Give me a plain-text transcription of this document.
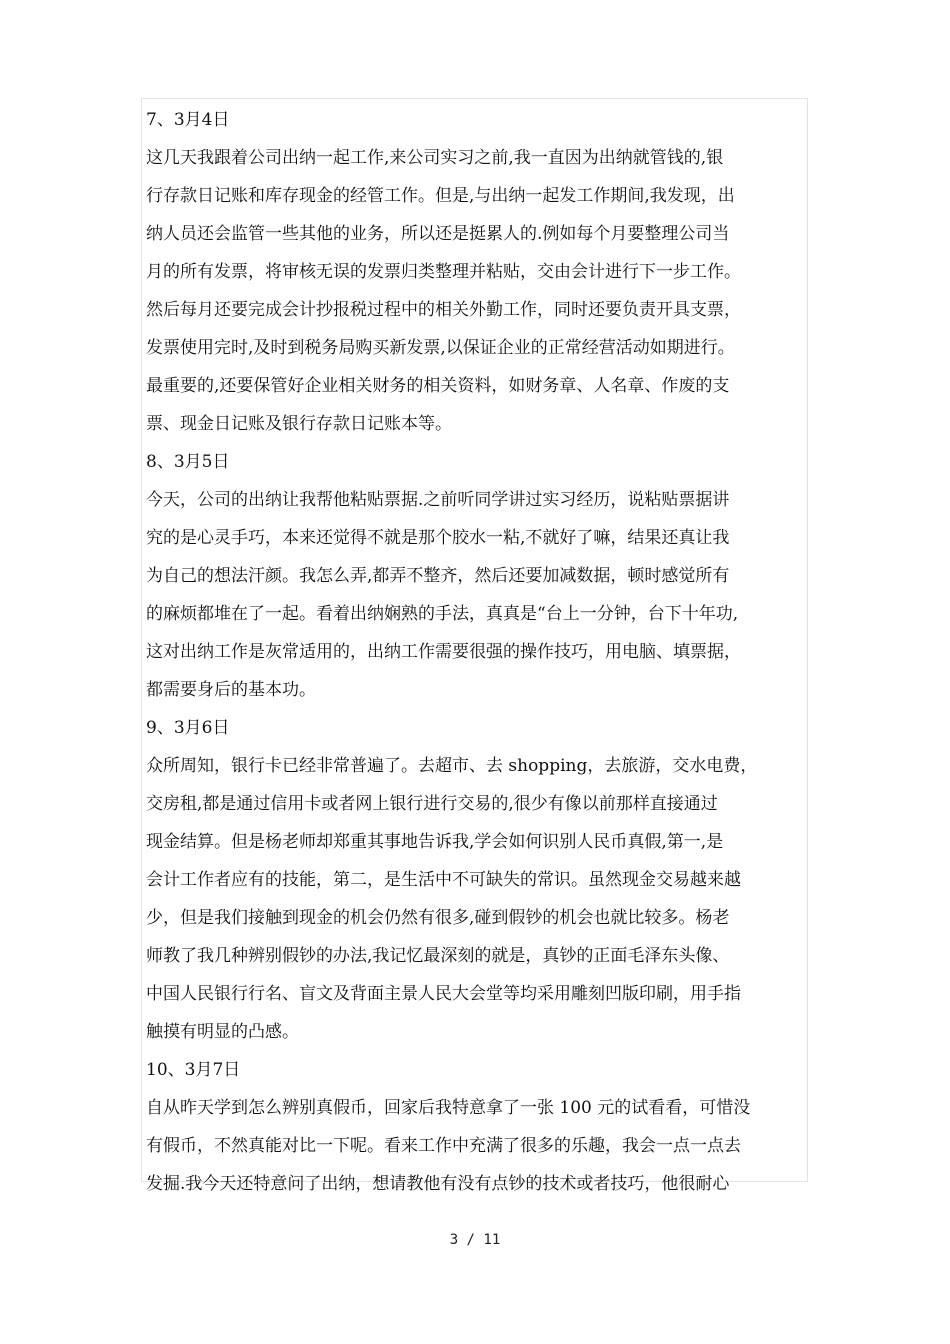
7、3月4日
这几天我跟着公司出纳一起工作,来公司实习之前,我一直因为出纳就管钱的,银
行存款日记账和库存现金的经管工作。但是,与出纳一起发工作期间,我发现，出
纳人员还会监管一些其他的业务，所以还是挺累人的.例如每个月要整理公司当
月的所有发票，将审核无误的发票归类整理并粘贴，交由会计进行下一步工作。
然后每月还要完成会计抄报税过程中的相关外勤工作，同时还要负责开具支票，
发票使用完时,及时到税务局购买新发票,以保证企业的正常经营活动如期进行。
最重要的,还要保管好企业相关财务的相关资料，如财务章、人名章、作废的支
票、现金日记账及银行存款日记账本等。
8、3月5日
今天，公司的出纳让我帮他粘贴票据.之前听同学讲过实习经历，说粘贴票据讲
究的是心灵手巧，本来还觉得不就是那个胶水一粘,不就好了嘛，结果还真让我
为自己的想法汗颜。我怎么弄,都弄不整齐，然后还要加减数据，顿时感觉所有
的麻烦都堆在了一起。看着出纳娴熟的手法，真真是“台上一分钟，台下十年功,
这对出纳工作是灰常适用的，出纳工作需要很强的操作技巧，用电脑、填票据，
都需要身后的基本功。
9、3月6日
众所周知，银行卡已经非常普遍了。去超市、去 shopping，去旅游，交水电费，
交房租,都是通过信用卡或者网上银行进行交易的,很少有像以前那样直接通过
现金结算。但是杨老师却郑重其事地告诉我,学会如何识别人民币真假,第一,是
会计工作者应有的技能，第二，是生活中不可缺失的常识。虽然现金交易越来越
少，但是我们接触到现金的机会仍然有很多,碰到假钞的机会也就比较多。杨老
师教了我几种辨别假钞的办法,我记忆最深刻的就是，真钞的正面毛泽东头像、
中国人民银行行名、盲文及背面主景人民大会堂等均采用雕刻凹版印刷，用手指
触摸有明显的凸感。
10、3月7日
自从昨天学到怎么辨别真假币，回家后我特意拿了一张 100 元的试看看，可惜没
有假币，不然真能对比一下呢。看来工作中充满了很多的乐趣，我会一点一点去
发掘.我今天还特意问了出纳，想请教他有没有点钞的技术或者技巧，他很耐心
3 / 11
